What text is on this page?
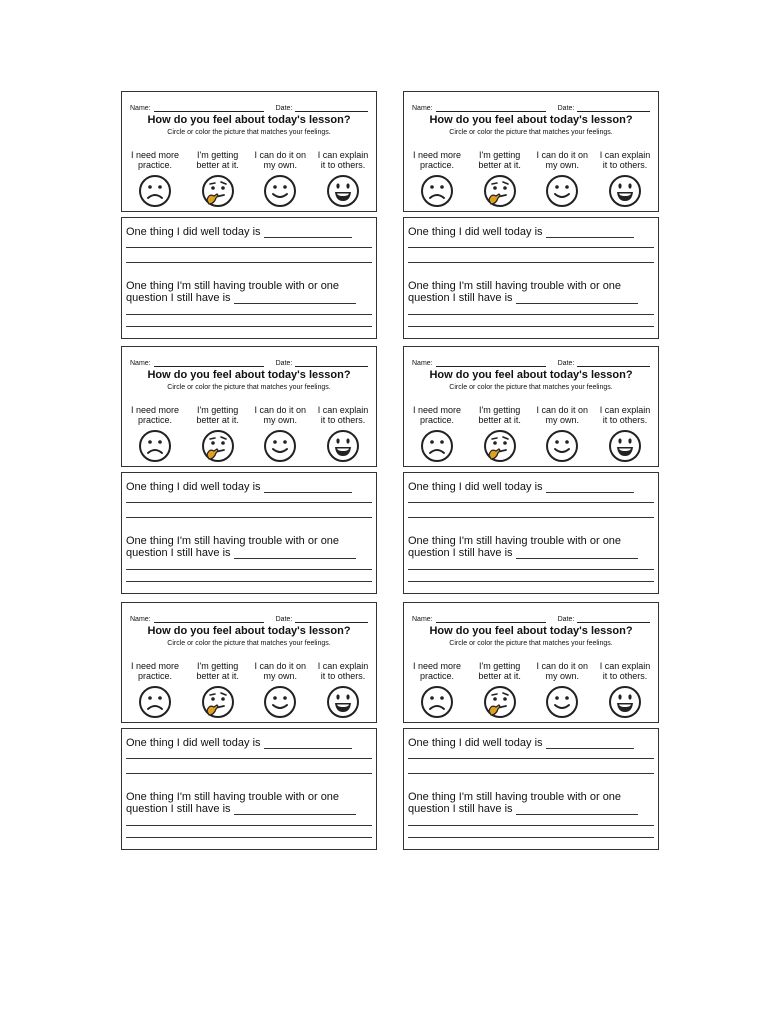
Name:	Date:
How do you feel about today's lesson?
Circle or color the picture that matches your feelings.
I need more
practice.
I'm getting
better at it.
I can do it on
my own.
I can explain
it to others.
One thing I did well today is
One thing I'm still having trouble with or one
question I still have is
Name:	Date:
How do you feel about today's lesson?
Circle or color the picture that matches your feelings.
I need more
practice.
I'm getting
better at it.
I can do it on
my own.
I can explain
it to others.
One thing I did well today is
One thing I'm still having trouble with or one
question I still have is
Name:	Date:
How do you feel about today's lesson?
Circle or color the picture that matches your feelings.
I need more
practice.
I'm getting
better at it.
I can do it on
my own.
I can explain
it to others.
One thing I did well today is
One thing I'm still having trouble with or one
question I still have is
Name:	Date:
How do you feel about today's lesson?
Circle or color the picture that matches your feelings.
I need more
practice.
I'm getting
better at it.
I can do it on
my own.
I can explain
it to others.
One thing I did well today is
One thing I'm still having trouble with or one
question I still have is
Name:	Date:
How do you feel about today's lesson?
Circle or color the picture that matches your feelings.
I need more
practice.
I'm getting
better at it.
I can do it on
my own.
I can explain
it to others.
One thing I did well today is
One thing I'm still having trouble with or one
question I still have is
Name:	Date:
How do you feel about today's lesson?
Circle or color the picture that matches your feelings.
I need more
practice.
I'm getting
better at it.
I can do it on
my own.
I can explain
it to others.
One thing I did well today is
One thing I'm still having trouble with or one
question I still have is
